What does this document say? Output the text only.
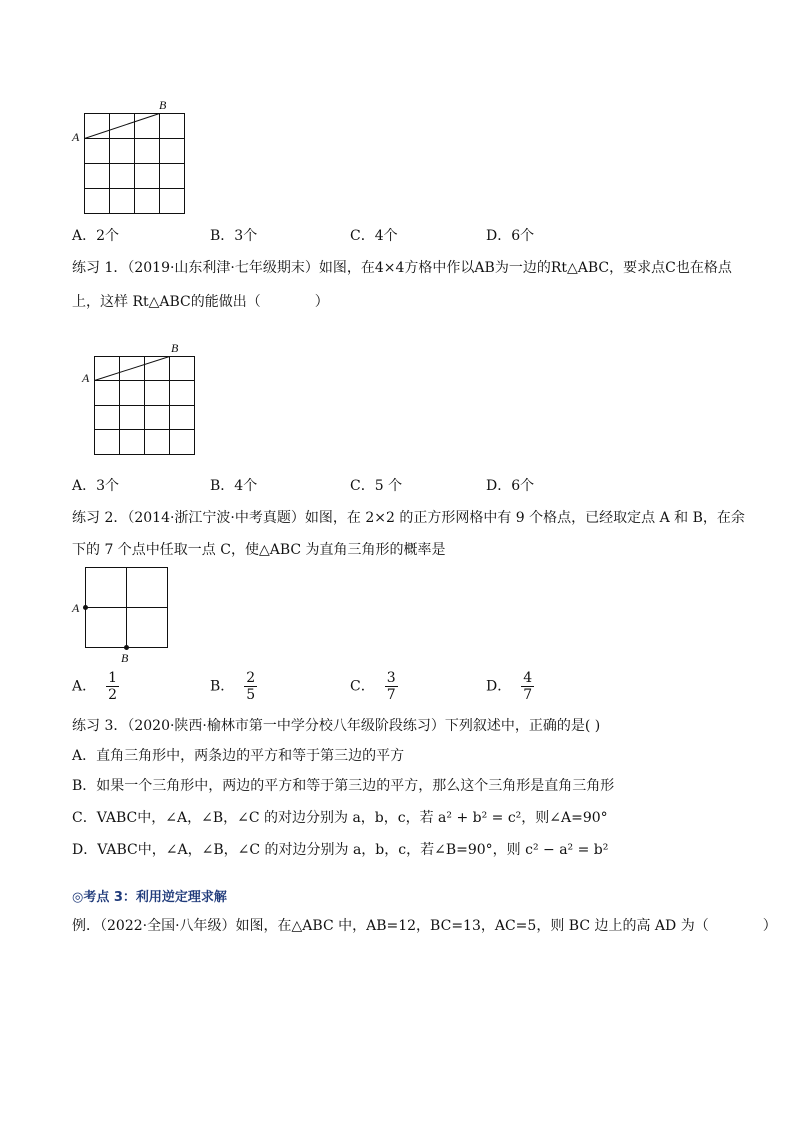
A
B
A．2个	B．3个	C．4个	D．6个
练习 1．（2019·山东利津·七年级期末）如图，在4×4方格中作以AB为一边的Rt△ABC，要求点C也在格点
上，这样 Rt△ABC的能做出（	）
A
B
A．3个	B．4个	C．5 个	D．6个
练习 2．（2014·浙江宁波·中考真题）如图，在 2×2 的正方形网格中有 9 个格点，已经取定点 A 和 B，在余
下的 7 个点中任取一点 C，使△ABC 为直角三角形的概率是
A
B
A． $\frac{1}{2}$	B． $\frac{2}{5}$	C． $\frac{3}{7}$	D． $\frac{4}{7}$
练习 3．（2020·陕西·榆林市第一中学分校八年级阶段练习）下列叙述中，正确的是( )
A．直角三角形中，两条边的平方和等于第三边的平方
B．如果一个三角形中，两边的平方和等于第三边的平方，那么这个三角形是直角三角形
C．VABC中，∠A，∠B，∠C 的对边分别为 a，b，c，若 a² + b² = c²，则∠A=90°
D．VABC中，∠A，∠B，∠C 的对边分别为 a，b，c，若∠B=90°，则 c² − a² = b²
◎考点 3：利用逆定理求解
例．（2022·全国·八年级）如图，在△ABC 中，AB=12，BC=13，AC=5，则 BC 边上的高 AD 为（	）
